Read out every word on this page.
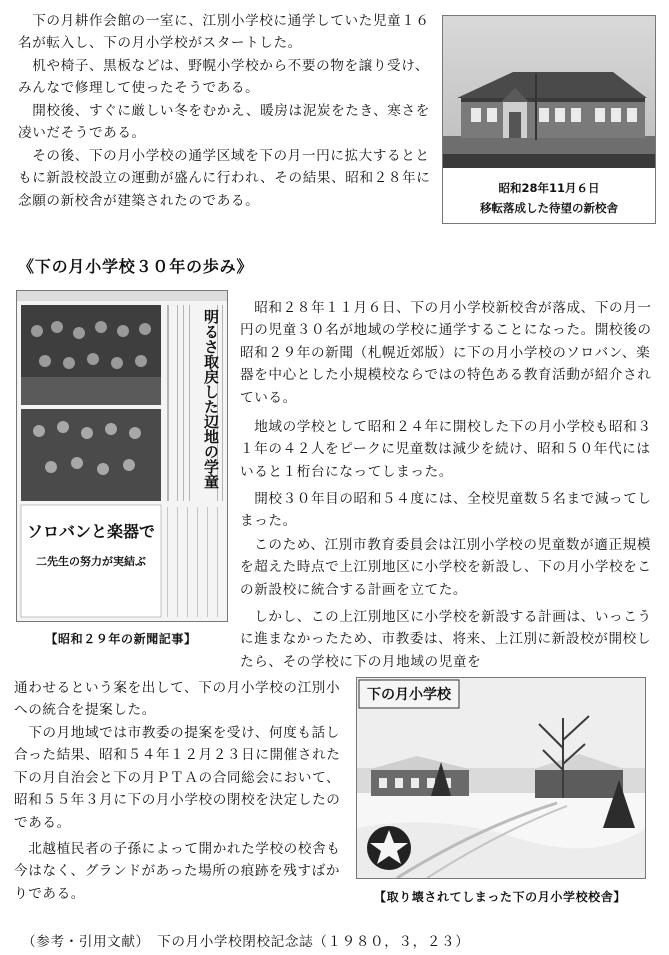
　下の月耕作会館の一室に、江別小学校に通学していた児童１６名が転入し、下の月小学校がスタートした。

　机や椅子、黒板などは、野幌小学校から不要の物を譲り受け、みんなで修理して使ったそうである。

　開校後、すぐに厳しい冬をむかえ、暖房は泥炭をたき、寒さを凌いだそうである。

　その後、下の月小学校の通学区域を下の月一円に拡大するとともに新設校設立の運動が盛んに行われ、その結果、昭和２８年に念願の新校舎が建築されたのである。

昭和28年11月６日
移転落成した待望の新校舎

《下の月小学校３０年の歩み》

明るさ取戻した辺地の学童
ソロバンと楽器で
二先生の努力が実結ぶ

【昭和２９年の新聞記事】

　昭和２８年１１月６日、下の月小学校新校舎が落成、下の月一円の児童３０名が地域の学校に通学することになった。開校後の昭和２９年の新聞（札幌近郊版）に下の月小学校のソロバン、楽器を中心とした小規模校ならではの特色ある教育活動が紹介されている。

　地域の学校として昭和２４年に開校した下の月小学校も昭和３１年の４２人をピークに児童数は減少を続け、昭和５０年代にはいると１桁台になってしまった。

　開校３０年目の昭和５４度には、全校児童数５名まで減ってしまった。

　このため、江別市教育委員会は江別小学校の児童数が適正規模を超えた時点で上江別地区に小学校を新設し、下の月小学校をこの新設校に統合する計画を立てた。

　しかし、この上江別地区に小学校を新設する計画は、いっこうに進まなかったため、市教委は、将来、上江別に新設校が開校したら、その学校に下の月地域の児童を

通わせるという案を出して、下の月小学校の江別小への統合を提案した。

　下の月地域では市教委の提案を受け、何度も話し合った結果、昭和５４年１２月２３日に開催された下の月自治会と下の月ＰＴＡの合同総会において、昭和５５年３月に下の月小学校の閉校を決定したのである。

　北越植民者の子孫によって開かれた学校の校舎も今はなく、グランドがあった場所の痕跡を残すばかりである。

下の月小学校

【取り壊されてしまった下の月小学校校舎】

（参考・引用文献）　下の月小学校閉校記念誌（１９８０，３，２３）
